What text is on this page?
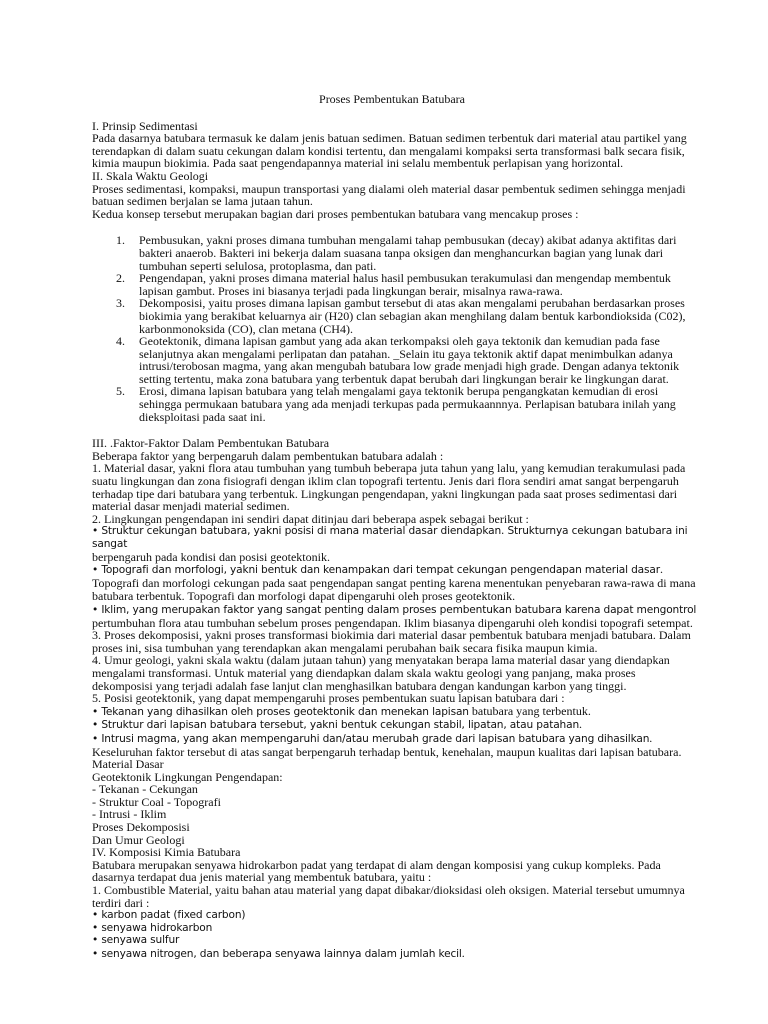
Proses Pembentukan Batubara

I. Prinsip Sedimentasi

Pada dasarnya batubara termasuk ke dalam jenis batuan sedimen. Batuan sedimen terbentuk dari material atau partikel yang terendapkan di dalam suatu cekungan dalam kondisi tertentu, dan mengalami kompaksi serta transformasi balk secara fisik, kimia maupun biokimia. Pada saat pengendapannya material ini selalu membentuk perlapisan yang horizontal.

II. Skala Waktu Geologi

Proses sedimentasi, kompaksi, maupun transportasi yang dialami oleh material dasar pembentuk sedimen sehingga menjadi batuan sedimen berjalan se lama jutaan tahun.

Kedua konsep tersebut merupakan bagian dari proses pembentukan batubara vang mencakup proses :

1. Pembusukan, yakni proses dimana tumbuhan mengalami tahap pembusukan (decay) akibat adanya aktifitas dari bakteri anaerob. Bakteri ini bekerja dalam suasana tanpa oksigen dan menghancurkan bagian yang lunak dari tumbuhan seperti selulosa, protoplasma, dan pati.
2. Pengendapan, yakni proses dimana material halus hasil pembusukan terakumulasi dan mengendap membentuk lapisan gambut. Proses ini biasanya terjadi pada lingkungan berair, misalnya rawa-rawa.
3. Dekomposisi, yaitu proses dimana lapisan gambut tersebut di atas akan mengalami perubahan berdasarkan proses biokimia yang berakibat keluarnya air (H20) clan sebagian akan menghilang dalam bentuk karbondioksida (C02), karbonmonoksida (CO), clan metana (CH4).
4. Geotektonik, dimana lapisan gambut yang ada akan terkompaksi oleh gaya tektonik dan kemudian pada fase selanjutnya akan mengalami perlipatan dan patahan. _Selain itu gaya tektonik aktif dapat menimbulkan adanya intrusi/terobosan magma, yang akan mengubah batubara low grade menjadi high grade. Dengan adanya tektonik setting tertentu, maka zona batubara yang terbentuk dapat berubah dari lingkungan berair ke lingkungan darat.
5. Erosi, dimana lapisan batubara yang telah mengalami gaya tektonik berupa pengangkatan kemudian di erosi sehingga permukaan batubara yang ada menjadi terkupas pada permukaannnya. Perlapisan batubara inilah yang dieksploitasi pada saat ini.

III. .Faktor-Faktor Dalam Pembentukan Batubara

Beberapa faktor yang berpengaruh dalam pembentukan batubara adalah :

1. Material dasar, yakni flora atau tumbuhan yang tumbuh beberapa juta tahun yang lalu, yang kemudian terakumulasi pada suatu lingkungan dan zona fisiografi dengan iklim clan topografi tertentu. Jenis dari flora sendiri amat sangat berpengaruh terhadap tipe dari batubara yang terbentuk. Lingkungan pengendapan, yakni lingkungan pada saat proses sedimentasi dari material dasar menjadi material sedimen.

2. Lingkungan pengendapan ini sendiri dapat ditinjau dari beberapa aspek sebagai berikut :

• Struktur cekungan batubara, yakni posisi di mana material dasar diendapkan. Strukturnya cekungan batubara ini sangat

berpengaruh pada kondisi dan posisi geotektonik.

• Topografi dan morfologi, yakni bentuk dan kenampakan dari tempat cekungan pengendapan material dasar. Topografi dan morfologi cekungan pada saat pengendapan sangat penting karena menentukan penyebaran rawa-rawa di mana batubara terbentuk. Topografi dan morfologi dapat dipengaruhi oleh proses geotektonik.

• Iklim, yang merupakan faktor yang sangat penting dalam proses pembentukan batubara karena dapat mengontrol

pertumbuhan flora atau tumbuhan sebelum proses pengendapan. Iklim biasanya dipengaruhi oleh kondisi topografi setempat.

3. Proses dekomposisi, yakni proses transformasi biokimia dari material dasar pembentuk batubara menjadi batubara. Dalam proses ini, sisa tumbuhan yang terendapkan akan mengalami perubahan baik secara fisika maupun kimia.

4. Umur geologi, yakni skala waktu (dalam jutaan tahun) yang menyatakan berapa lama material dasar yang diendapkan mengalami transformasi. Untuk material yang diendapkan dalam skala waktu geologi yang panjang, maka proses dekomposisi yang terjadi adalah fase lanjut clan menghasilkan batubara dengan kandungan karbon yang tinggi.

5. Posisi geotektonik, yang dapat mempengaruhi proses pembentukan suatu lapisan batubara dari :

• Tekanan yang dihasilkan oleh proses geotektonik dan menekan lapisan batubara yang terbentuk.

• Struktur dari lapisan batubara tersebut, yakni bentuk cekungan stabil, lipatan, atau patahan.

• Intrusi magma, yang akan mempengaruhi dan/atau merubah grade dari lapisan batubara yang dihasilkan.

Keseluruhan faktor tersebut di atas sangat berpengaruh terhadap bentuk, kenehalan, maupun kualitas dari lapisan batubara.

Material Dasar

Geotektonik Lingkungan Pengendapan:

- Tekanan - Cekungan

- Struktur Coal - Topografi

- Intrusi - Iklim

Proses Dekomposisi

Dan Umur Geologi

IV. Komposisi Kimia Batubara

Batubara merupakan senyawa hidrokarbon padat yang terdapat di alam dengan komposisi yang cukup kompleks. Pada dasarnya terdapat dua jenis material yang membentuk batubara, yaitu :

1. Combustible Material, yaitu bahan atau material yang dapat dibakar/dioksidasi oleh oksigen. Material tersebut umumnya terdiri dari :

• karbon padat (fixed carbon)

• senyawa hidrokarbon

• senyawa sulfur

• senyawa nitrogen, dan beberapa senyawa lainnya dalam jumlah kecil.
